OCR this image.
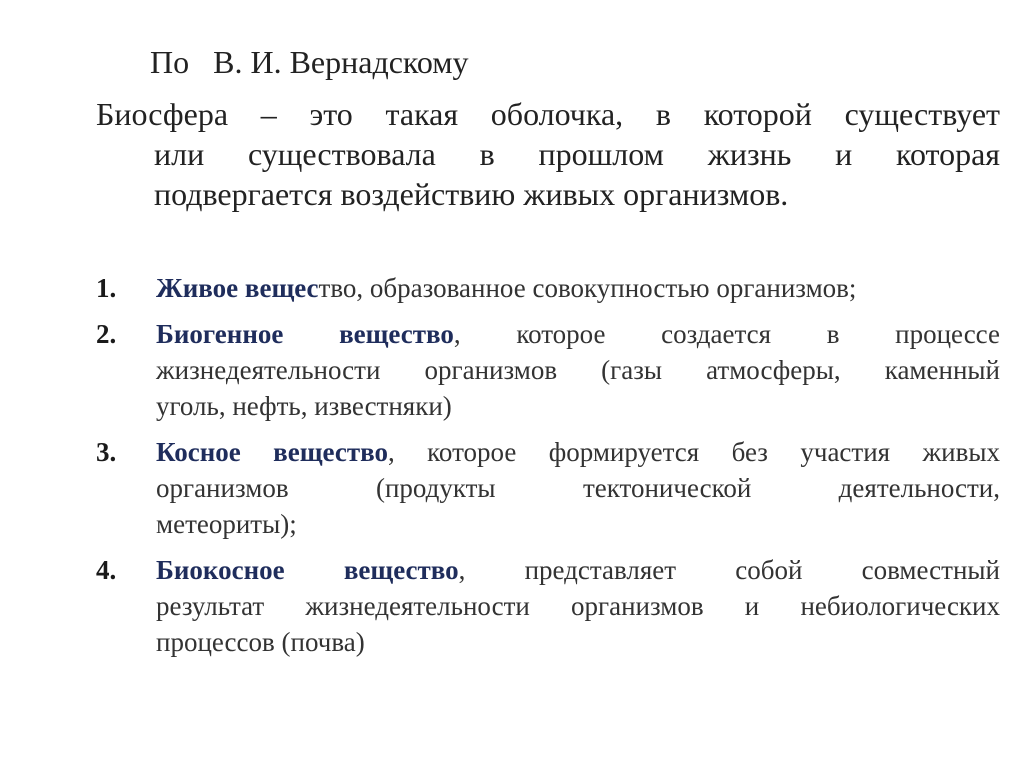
По В. И. Вернадскому
Биосфера – это такая оболочка, в которой существует
или существовала в прошлом жизнь и которая
подвергается воздействию живых организмов.
1. Живое вещество, образованное совокупностью организмов;
2. Биогенное вещество, которое создается в процессе
жизнедеятельности организмов (газы атмосферы, каменный
уголь, нефть, известняки)
3. Косное вещество, которое формируется без участия живых
организмов (продукты тектонической деятельности,
метеориты);
4. Биокосное вещество, представляет собой совместный
результат жизнедеятельности организмов и небиологических
процессов (почва)
